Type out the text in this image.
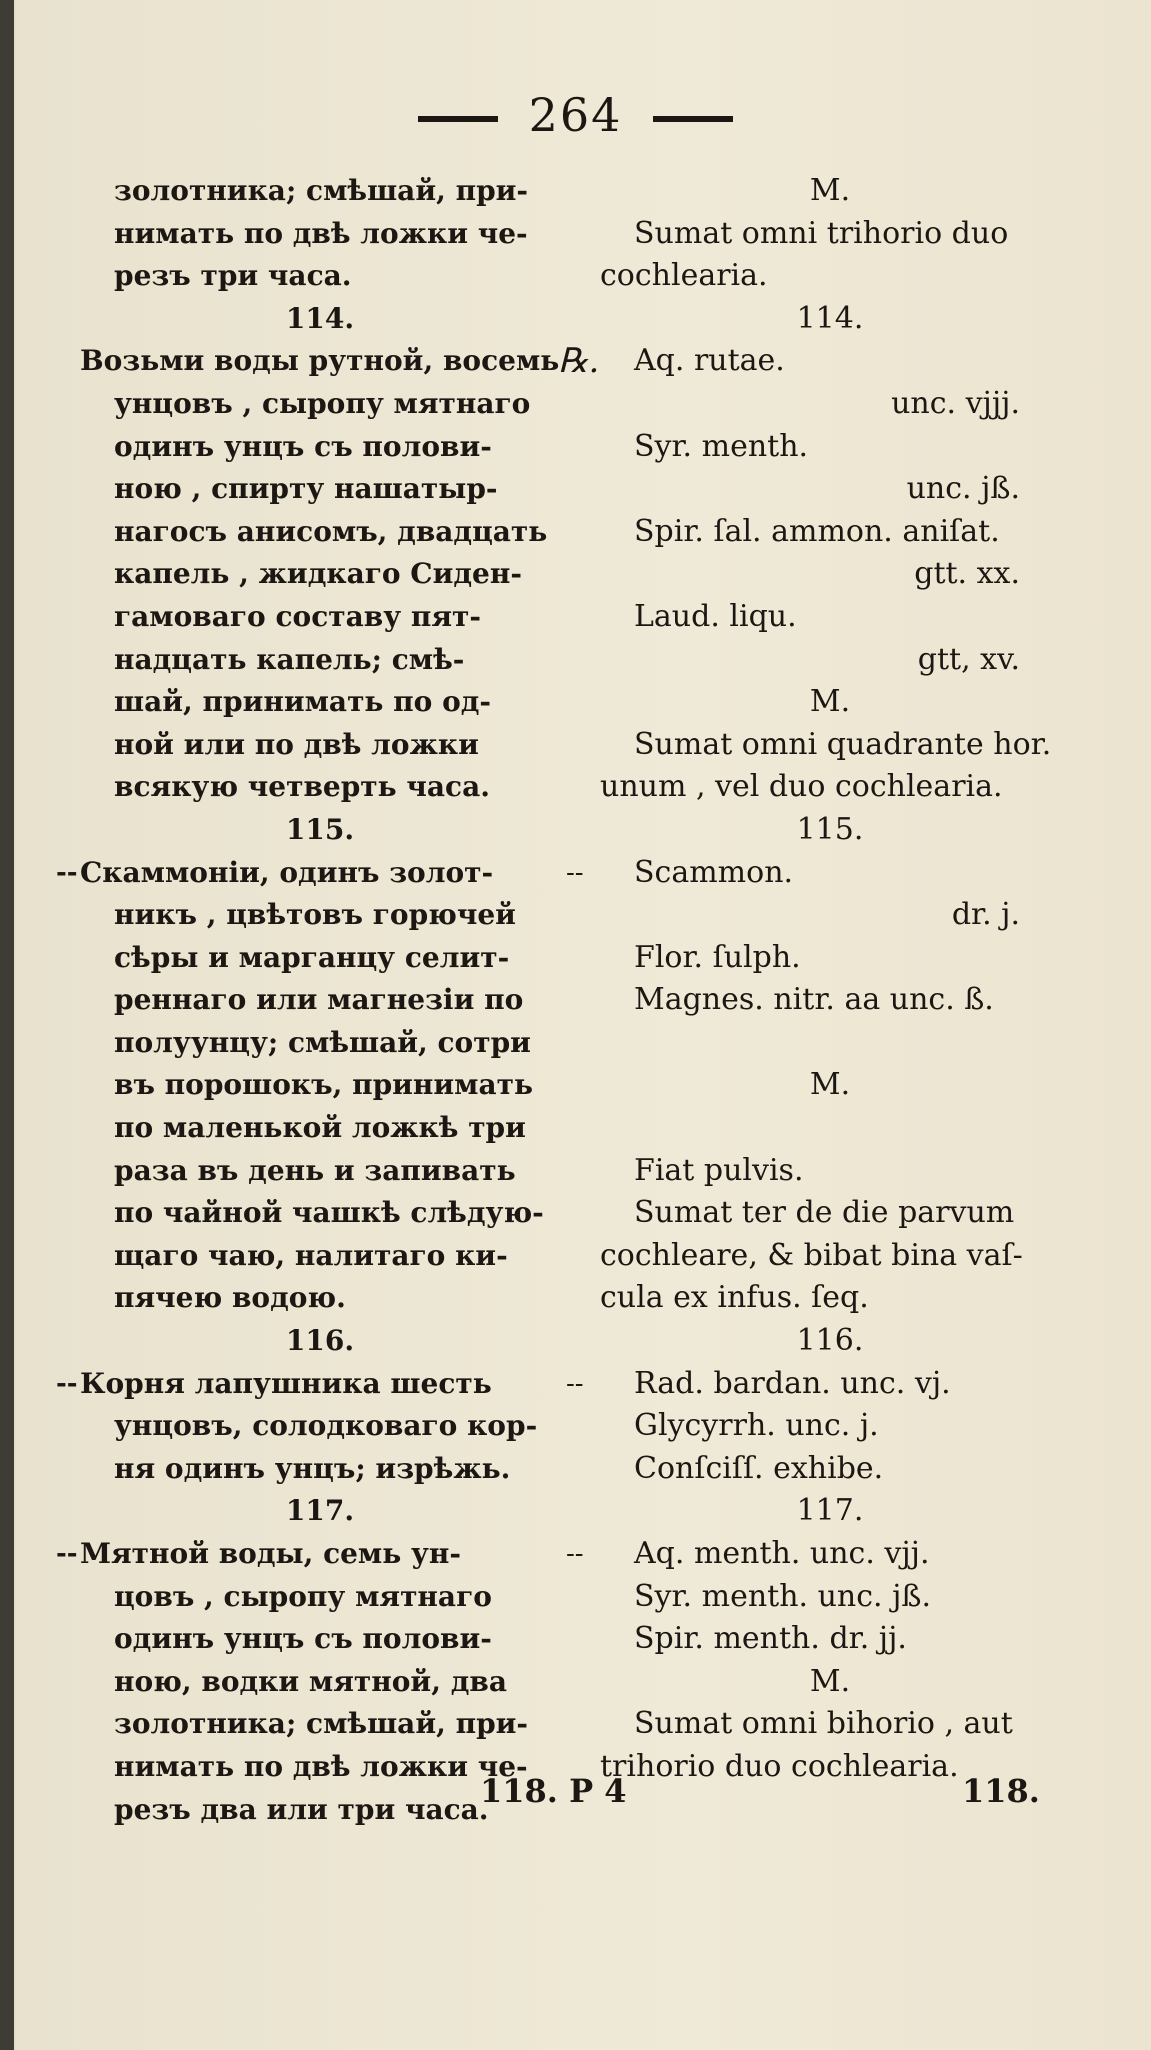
264
золотника; смѣшай, при-
нимать по двѣ ложки че-
резъ три часа.
114.
Возьми воды рутной, восемь
унцовъ , сыропу мятнаго
одинъ унцъ съ полови-
ною , спирту нашатыр-
нагосъ анисомъ, двадцать
капель , жидкаго Сиден-
гамоваго составу пят-
надцать капель; смѣ-
шай, принимать по од-
ной или по двѣ ложки
всякую четверть часа.
115.
-- Скаммоніи, одинъ золот-
никъ , цвѣтовъ горючей
сѣры и марганцу селит-
реннаго или магнезіи по
полуунцу; смѣшай, сотри
въ порошокъ, принимать
по маленькой ложкѣ три
раза въ день и запивать
по чайной чашкѣ слѣдую-
щаго чаю, налитаго ки-
пячею водою.
116.
-- Корня лапушника шесть
унцовъ, солодковаго кор-
ня одинъ унцъ; изрѣжь.
117.
-- Мятной воды, семь ун-
цовъ , сыропу мятнаго
одинъ унцъ съ полови-
ною, водки мятной, два
золотника; смѣшай, при-
нимать по двѣ ложки че-
резъ два или три часа.
M.
Sumat omni trihorio duo
cochlearia.
114.
℞. Aq. rutae.
unc. vjjj.
Syr. menth.
unc. jß.
Spir. ſal. ammon. aniſat.
gtt. xx.
Laud. liqu.
gtt, xv.
M.
Sumat omni quadrante hor.
unum , vel duo cochlearia.
115.
-- Scammon.
dr. j.
Flor. ſulph.
Magnes. nitr. aa unc. ß.
M.
Fiat pulvis.
Sumat ter de die parvum
cochleare, & bibat bina vaſ-
cula ex infus. ſeq.
116.
-- Rad. bardan. unc. vj.
Glycyrrh. unc. j.
Conſciſſ. exhibe.
117.
-- Aq. menth. unc. vjj.
Syr. menth. unc. jß.
Spir. menth. dr. jj.
M.
Sumat omni bihorio , aut
trihorio duo cochlearia.
118. P 4	118.
